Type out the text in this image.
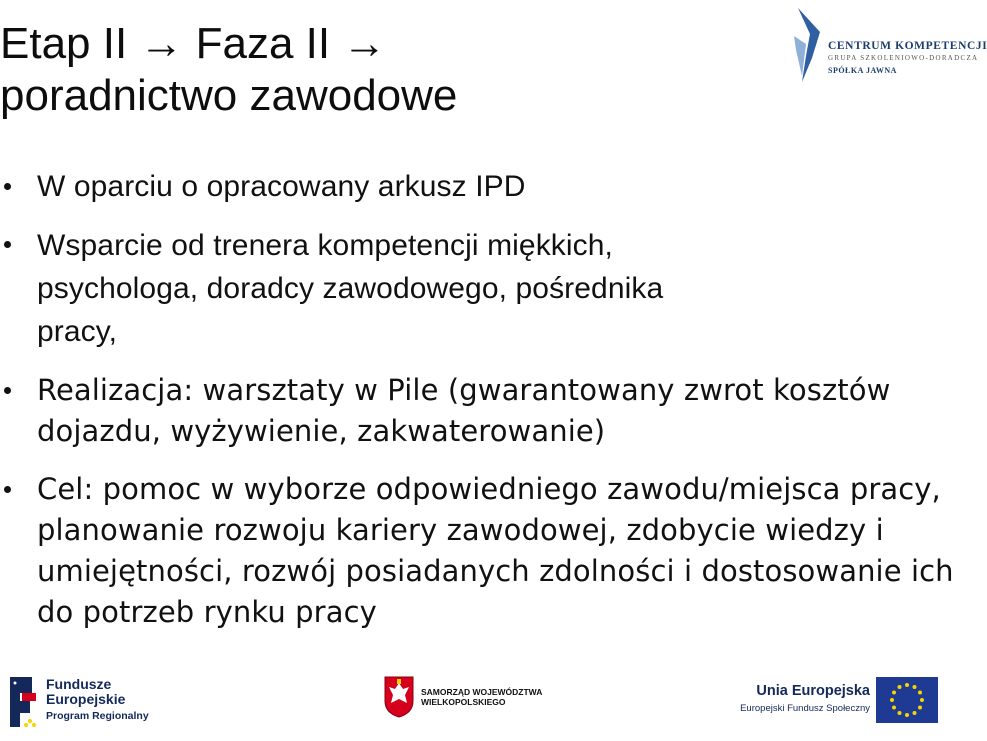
Etap II → Faza II →
poradnictwo zawodowe
CENTRUM KOMPETENCJI
GRUPA SZKOLENIOWO-DORADCZA
SPÓŁKA JAWNA
W oparciu o opracowany arkusz IPD
Wsparcie od trenera kompetencji miękkich, psychologa, doradcy zawodowego, pośrednika pracy,
Realizacja: warsztaty w Pile (gwarantowany zwrot kosztów dojazdu, wyżywienie, zakwaterowanie)
Cel: pomoc w wyborze odpowiedniego zawodu/miejsca pracy, planowanie rozwoju kariery zawodowej, zdobycie wiedzy i umiejętności, rozwój posiadanych zdolności i dostosowanie ich do potrzeb rynku pracy
Fundusze
Europejskie
Program Regionalny
SAMORZĄD WOJEWÓDZTWA
WIELKOPOLSKIEGO
Unia Europejska
Europejski Fundusz Społeczny
